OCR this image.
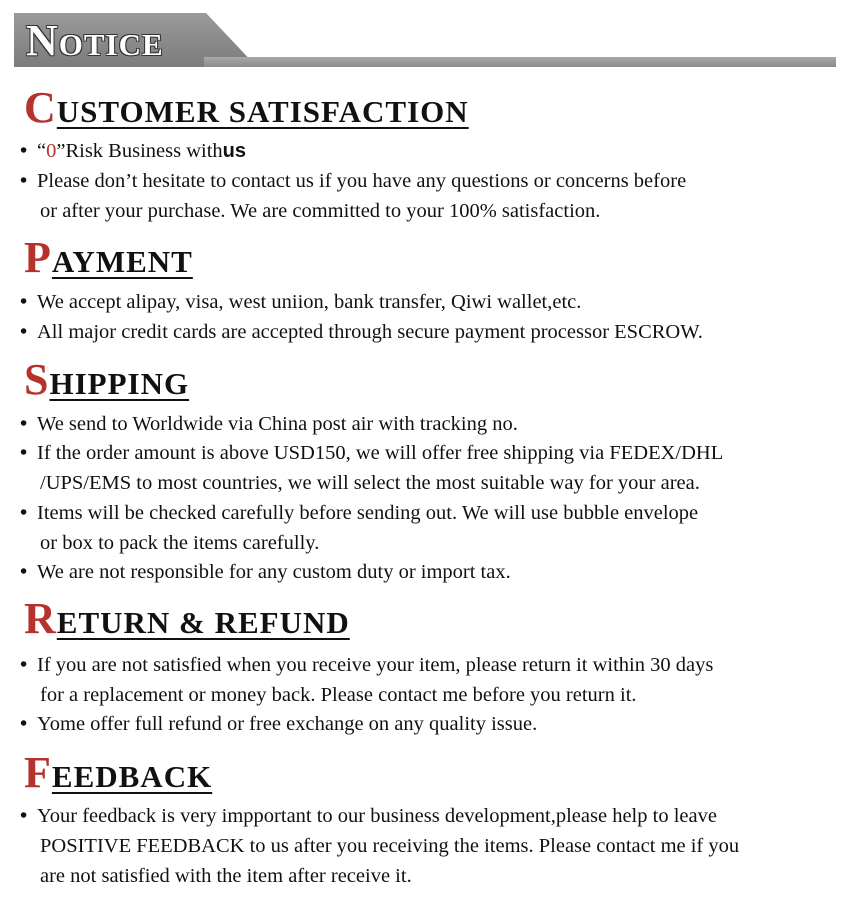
Notice
CUSTOMER SATISFACTION
• “0”Risk Business withus
• Please don’t hesitate to contact us if you have any questions or concerns before
or after your purchase. We are committed to your 100% satisfaction.
PAYMENT
• We accept alipay, visa, west uniion, bank transfer, Qiwi wallet,etc.
• All major credit cards are accepted through secure payment processor ESCROW.
SHIPPING
• We send to Worldwide via China post air with tracking no.
• If the order amount is above USD150, we will offer free shipping via FEDEX/DHL
/UPS/EMS to most countries, we will select the most suitable way for your area.
• Items will be checked carefully before sending out. We will use bubble envelope
or box to pack the items carefully.
• We are not responsible for any custom duty or import tax.
RETURN & REFUND
• If you are not satisfied when you receive your item, please return it within 30 days
for a replacement or money back. Please contact me before you return it.
• Yome offer full refund or free exchange on any quality issue.
FEEDBACK
• Your feedback is very impportant to our business development,please help to leave
POSITIVE FEEDBACK to us after you receiving the items. Please contact me if you
are not satisfied with the item after receive it.
